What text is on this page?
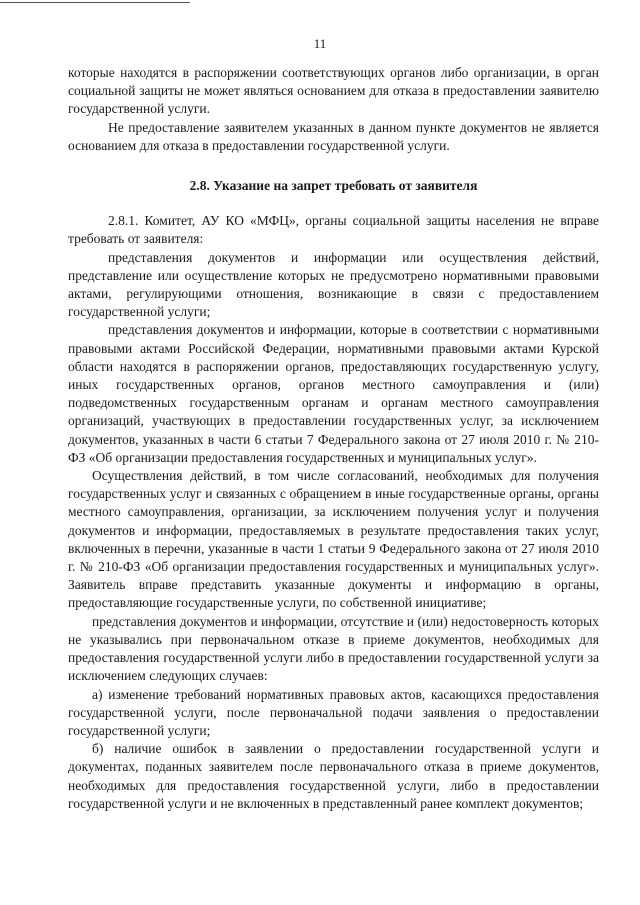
11

которые находятся в распоряжении соответствующих органов либо организации, в орган социальной защиты не может являться основанием для отказа в предоставлении заявителю государственной услуги.

Не предоставление заявителем указанных в данном пункте документов не является основанием для отказа в предоставлении государственной услуги.

2.8. Указание на запрет требовать от заявителя

2.8.1. Комитет, АУ КО «МФЦ», органы социальной защиты населения не вправе требовать от заявителя:

представления документов и информации или осуществления действий, представление или осуществление которых не предусмотрено нормативными правовыми актами, регулирующими отношения, возникающие в связи с предоставлением государственной услуги;

представления документов и информации, которые в соответствии с нормативными правовыми актами Российской Федерации, нормативными правовыми актами Курской области находятся в распоряжении органов, предоставляющих государственную услугу, иных государственных органов, органов местного самоуправления и (или) подведомственных государственным органам и органам местного самоуправления организаций, участвующих в предоставлении государственных услуг, за исключением документов, указанных в части 6 статьи 7 Федерального закона от 27 июля 2010 г. № 210-ФЗ «Об организации предоставления государственных и муниципальных услуг».

Осуществления действий, в том числе согласований, необходимых для получения государственных услуг и связанных с обращением в иные государственные органы, органы местного самоуправления, организации, за исключением получения услуг и получения документов и информации, предоставляемых в результате предоставления таких услуг, включенных в перечни, указанные в части 1 статьи 9 Федерального закона от 27 июля 2010 г. № 210-ФЗ «Об организации предоставления государственных и муниципальных услуг». Заявитель вправе представить указанные документы и информацию в органы, предоставляющие государственные услуги, по собственной инициативе;

представления документов и информации, отсутствие и (или) недостоверность которых не указывались при первоначальном отказе в приеме документов, необходимых для предоставления государственной услуги либо в предоставлении государственной услуги за исключением следующих случаев:

а) изменение требований нормативных правовых актов, касающихся предоставления государственной услуги, после первоначальной подачи заявления о предоставлении государственной услуги;

б) наличие ошибок в заявлении о предоставлении государственной услуги и документах, поданных заявителем после первоначального отказа в приеме документов, необходимых для предоставления государственной услуги, либо в предоставлении государственной услуги и не включенных в представленный ранее комплект документов;
